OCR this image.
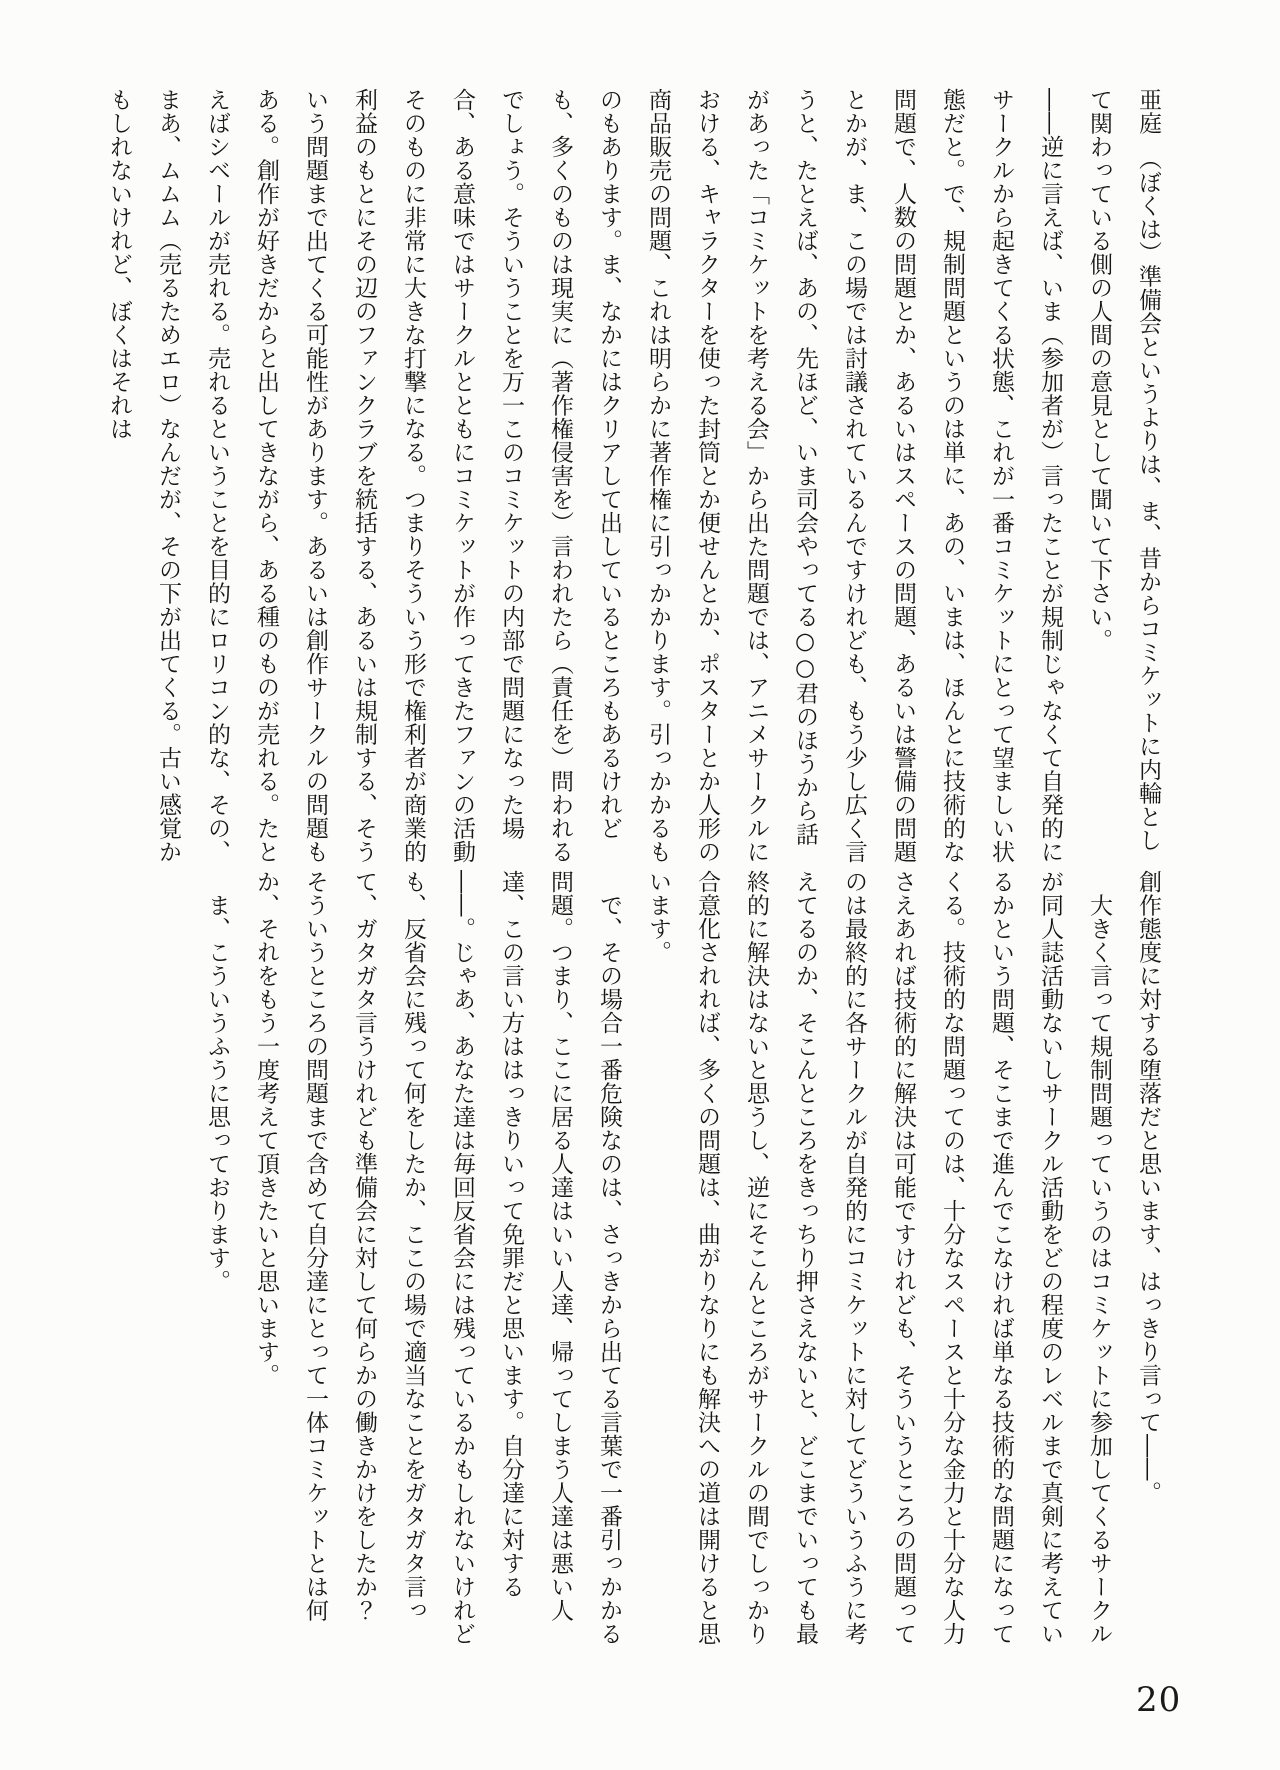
亜庭　（ぼくは）準備会というよりは、ま、昔からコミケットに内輪として関わっている側の人間の意見として聞いて下さい。

――逆に言えば、いま（参加者が）言ったことが規制じゃなくて自発的にサークルから起きてくる状態、これが一番コミケットにとって望ましい状態だと。で、規制問題というのは単に、あの、いまは、ほんとに技術的な問題で、人数の問題とか、あるいはスペースの問題、あるいは警備の問題とかが、ま、この場では討議されているんですけれども、もう少し広く言うと、たとえば、あの、先ほど、いま司会やってる○○君のほうから話があった「コミケットを考える会」から出た問題では、アニメサークルにおける、キャラクターを使った封筒とか便せんとか、ポスターとか人形の商品販売の問題、これは明らかに著作権に引っかかります。引っかかるものもあります。ま、なかにはクリアして出しているところもあるけれども、多くのものは現実に（著作権侵害を）言われたら（責任を）問われるでしょう。そういうことを万一このコミケットの内部で問題になった場合、ある意味ではサークルとともにコミケットが作ってきたファンの活動そのものに非常に大きな打撃になる。つまりそういう形で権利者が商業的利益のもとにその辺のファンクラブを統括する、あるいは規制する、そういう問題まで出てくる可能性があります。あるいは創作サークルの問題もある。創作が好きだからと出してきながら、ある種のものが売れる。たとえばシベールが売れる。売れるということを目的にロリコン的な、その、まあ、ムムム（売るためエロ）なんだが、その下が出てくる。古い感覚かもしれないけれど、ぼくはそれは

創作態度に対する堕落だと思います、はっきり言って――。

　大きく言って規制問題っていうのはコミケットに参加してくるサークルが同人誌活動ないしサークル活動をどの程度のレベルまで真剣に考えているかという問題、そこまで進んでこなければ単なる技術的な問題になってくる。技術的な問題ってのは、十分なスペースと十分な金力と十分な人力さえあれば技術的に解決は可能ですけれども、そういうところの問題ってのは最終的に各サークルが自発的にコミケットに対してどういうふうに考えてるのか、そこんところをきっちり押さえないと、どこまでいっても最終的に解決はないと思うし、逆にそこんところがサークルの間でしっかり合意化されれば、多くの問題は、曲がりなりにも解決への道は開けると思います。

　で、その場合一番危険なのは、さっきから出てる言葉で一番引っかかる問題。つまり、ここに居る人達はいい人達、帰ってしまう人達は悪い人達、この言い方ははっきりいって免罪だと思います。自分達に対する――。じゃあ、あなた達は毎回反省会には残っているかもしれないけれども、反省会に残って何をしたか、ここの場で適当なことをガタガタ言って、ガタガタ言うけれども準備会に対して何らかの働きかけをしたか？　そういうところの問題まで含めて自分達にとって一体コミケットとは何か、それをもう一度考えて頂きたいと思います。

　ま、こういうふうに思っております。

20
